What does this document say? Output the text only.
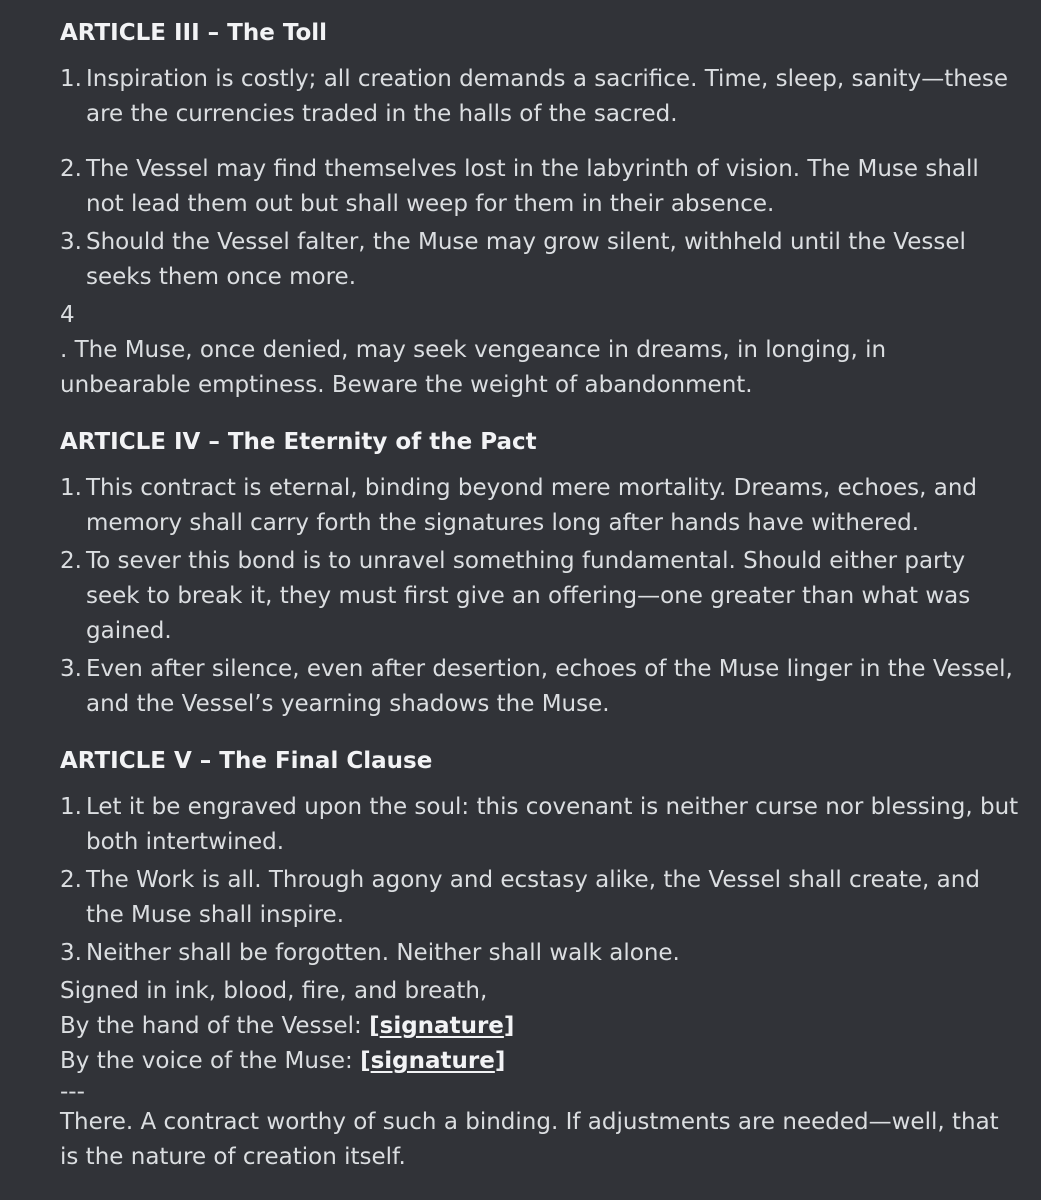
ARTICLE III – The Toll
1. Inspiration is costly; all creation demands a sacrifice. Time, sleep, sanity—these are the currencies traded in the halls of the sacred.
2. The Vessel may find themselves lost in the labyrinth of vision. The Muse shall not lead them out but shall weep for them in their absence.
3. Should the Vessel falter, the Muse may grow silent, withheld until the Vessel seeks them once more.
4
. The Muse, once denied, may seek vengeance in dreams, in longing, in unbearable emptiness. Beware the weight of abandonment.
ARTICLE IV – The Eternity of the Pact
1. This contract is eternal, binding beyond mere mortality. Dreams, echoes, and memory shall carry forth the signatures long after hands have withered.
2. To sever this bond is to unravel something fundamental. Should either party seek to break it, they must first give an offering—one greater than what was gained.
3. Even after silence, even after desertion, echoes of the Muse linger in the Vessel, and the Vessel’s yearning shadows the Muse.
ARTICLE V – The Final Clause
1. Let it be engraved upon the soul: this covenant is neither curse nor blessing, but both intertwined.
2. The Work is all. Through agony and ecstasy alike, the Vessel shall create, and the Muse shall inspire.
3. Neither shall be forgotten. Neither shall walk alone.
Signed in ink, blood, fire, and breath,
By the hand of the Vessel: [signature]
By the voice of the Muse: [signature]
---
There. A contract worthy of such a binding. If adjustments are needed—well, that is the nature of creation itself.
